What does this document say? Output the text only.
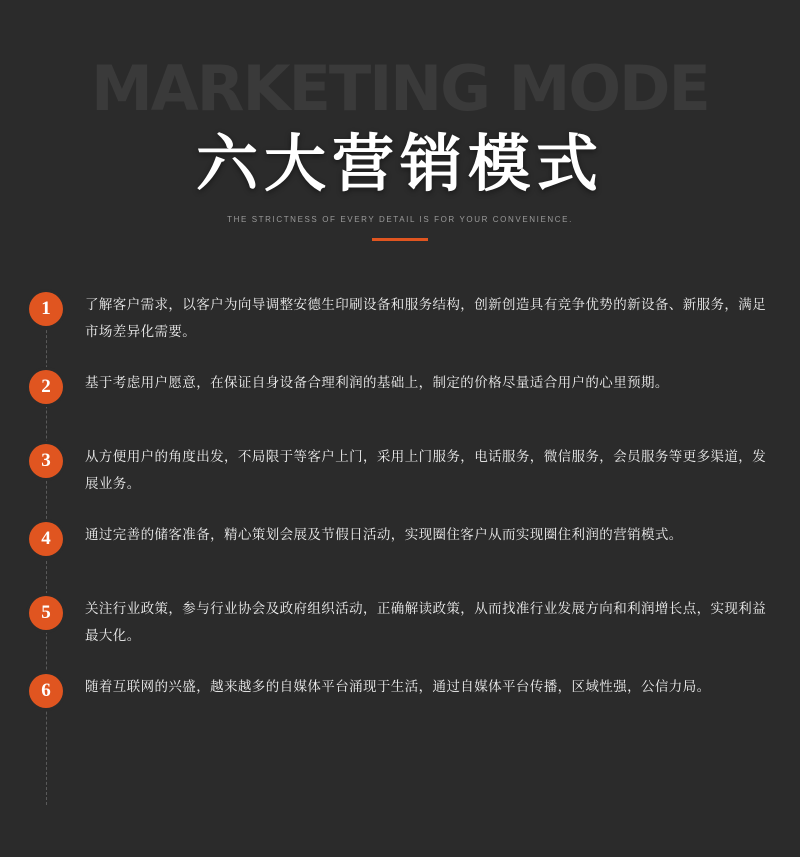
MARKETING MODE
六大营销模式
THE STRICTNESS OF EVERY DETAIL IS FOR YOUR CONVENIENCE.
1	了解客户需求，以客户为向导调整安德生印刷设备和服务结构，创新创造具有竞争优势的新设备、新服务，满足市场差异化需要。
2	基于考虑用户愿意，在保证自身设备合理利润的基础上，制定的价格尽量适合用户的心里预期。
3	从方便用户的角度出发，不局限于等客户上门，采用上门服务，电话服务，微信服务，会员服务等更多渠道，发展业务。
4	通过完善的储客准备，精心策划会展及节假日活动，实现圈住客户从而实现圈住利润的营销模式。
5	关注行业政策，参与行业协会及政府组织活动，正确解读政策，从而找准行业发展方向和利润增长点，实现利益最大化。
6	随着互联网的兴盛，越来越多的自媒体平台涌现于生活，通过自媒体平台传播，区域性强，公信力局。
